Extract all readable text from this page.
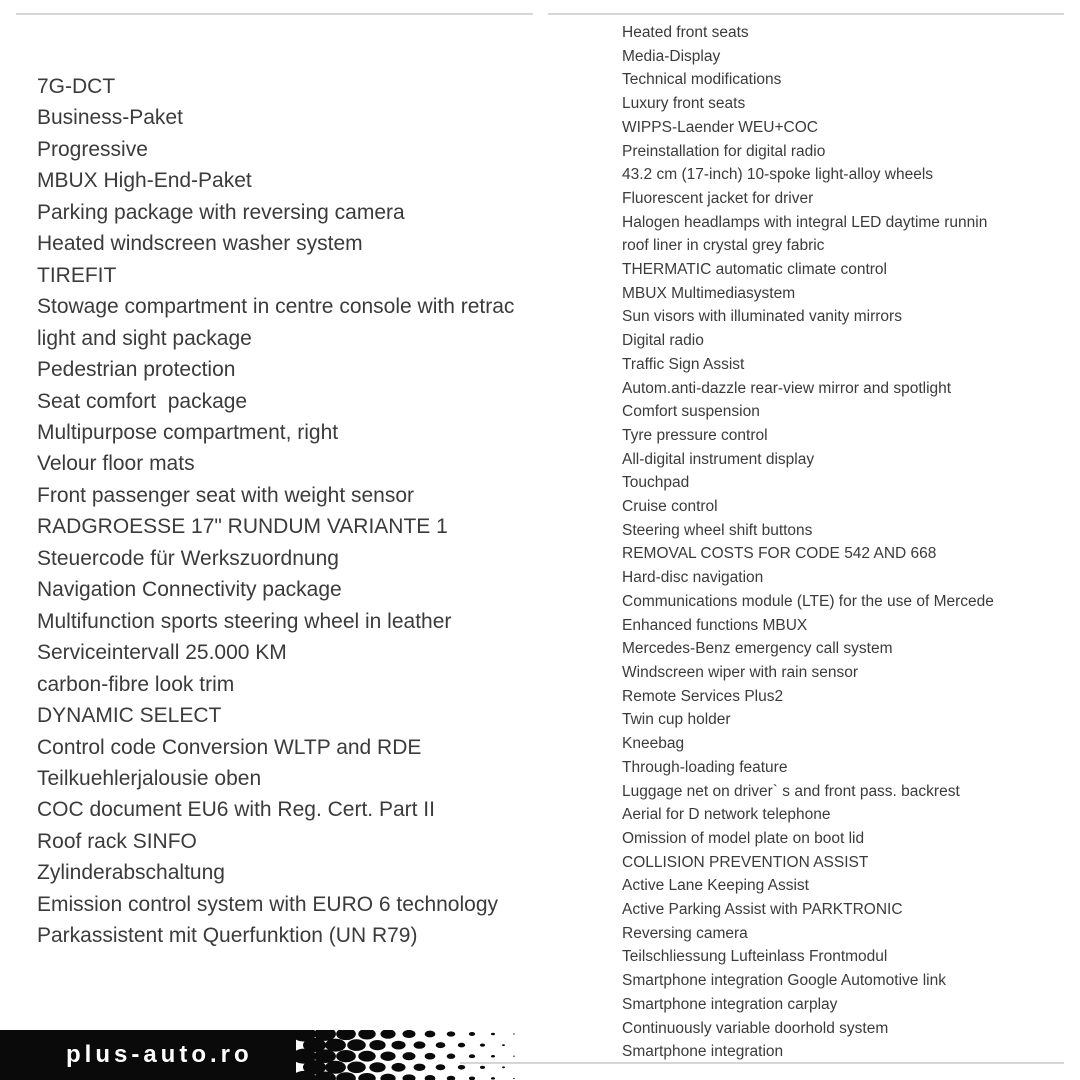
7G-DCT
Business-Paket
Progressive
MBUX High-End-Paket
Parking package with reversing camera
Heated windscreen washer system
TIREFIT
Stowage compartment in centre console with retrac
light and sight package
Pedestrian protection
Seat comfort  package
Multipurpose compartment, right
Velour floor mats
Front passenger seat with weight sensor
RADGROESSE 17" RUNDUM VARIANTE 1
Steuercode für Werkszuordnung
Navigation Connectivity package
Multifunction sports steering wheel in leather
Serviceintervall 25.000 KM
carbon-fibre look trim
DYNAMIC SELECT
Control code Conversion WLTP and RDE
Teilkuehlerjalousie oben
COC document EU6 with Reg. Cert. Part II
Roof rack SINFO
Zylinderabschaltung
Emission control system with EURO 6 technology
Parkassistent mit Querfunktion (UN R79)
Heated front seats
Media-Display
Technical modifications
Luxury front seats
WIPPS-Laender WEU+COC
Preinstallation for digital radio
43.2 cm (17-inch) 10-spoke light-alloy wheels
Fluorescent jacket for driver
Halogen headlamps with integral LED daytime runnin
roof liner in crystal grey fabric
THERMATIC automatic climate control
MBUX Multimediasystem
Sun visors with illuminated vanity mirrors
Digital radio
Traffic Sign Assist
Autom.anti-dazzle rear-view mirror and spotlight
Comfort suspension
Tyre pressure control
All-digital instrument display
Touchpad
Cruise control
Steering wheel shift buttons
REMOVAL COSTS FOR CODE 542 AND 668
Hard-disc navigation
Communications module (LTE) for the use of Mercede
Enhanced functions MBUX
Mercedes-Benz emergency call system
Windscreen wiper with rain sensor
Remote Services Plus2
Twin cup holder
Kneebag
Through-loading feature
Luggage net on driver` s and front pass. backrest
Aerial for D network telephone
Omission of model plate on boot lid
COLLISION PREVENTION ASSIST
Active Lane Keeping Assist
Active Parking Assist with PARKTRONIC
Reversing camera
Teilschliessung Lufteinlass Frontmodul
Smartphone integration Google Automotive link
Smartphone integration carplay
Continuously variable doorhold system
Smartphone integration
plus-auto.ro
